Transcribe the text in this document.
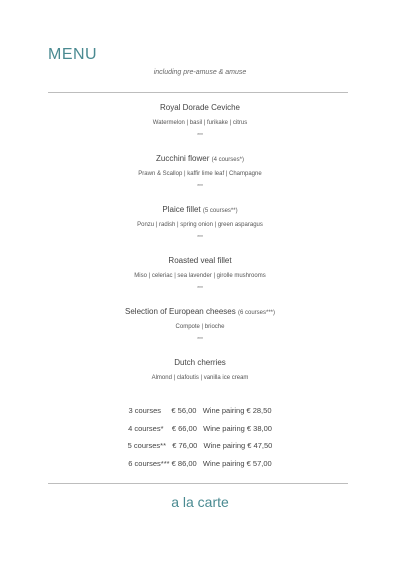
MENU
including pre-amuse & amuse
Royal Dorade Ceviche
Watermelon | basil | furikake | citrus
***
Zucchini flower (4 courses*)
Prawn & Scallop | kaffir lime leaf | Champagne
***
Plaice fillet (5 courses**)
Ponzu | radish | spring onion | green asparagus
***
Roasted veal fillet
Miso | celeriac | sea lavender | girolle mushrooms
***
Selection of European cheeses (6 courses***)
Compote | brioche
***
Dutch cherries
Almond | clafoutis | vanilla ice cream
3 courses     € 56,00   Wine pairing € 28,50
4 courses*    € 66,00   Wine pairing € 38,00
5 courses**   € 76,00   Wine pairing € 47,50
6 courses*** € 86,00   Wine pairing € 57,00
a la carte
